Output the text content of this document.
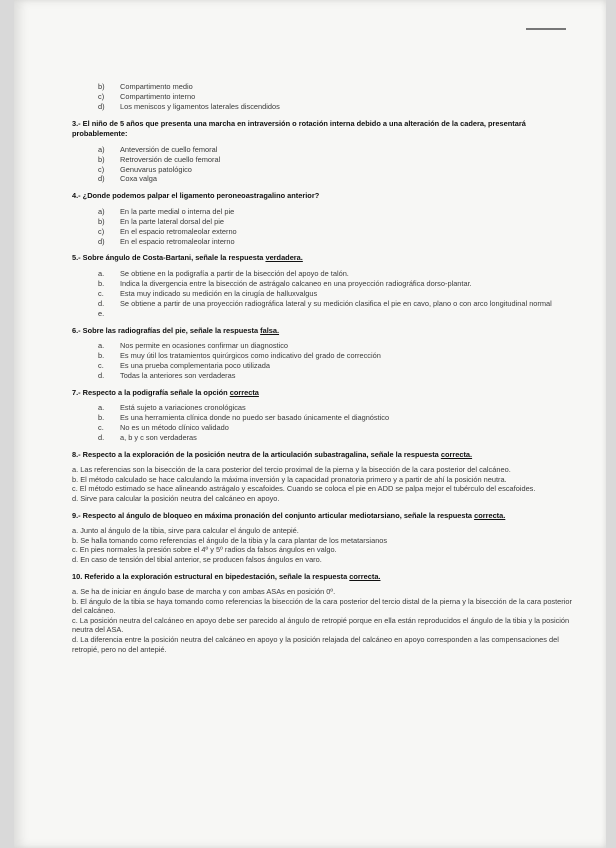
b)	Compartimento medio
c)	Compartimento interno
d)	Los meniscos y ligamentos laterales discendidos
3.- El niño de 5 años que presenta una marcha en intraversión o rotación interna debido a una alteración de la cadera, presentará probablemente:
a)	Anteversión de cuello femoral
b)	Retroversión de cuello femoral
c)	Genuvarus patológico
d)	Coxa valga
4.- ¿Donde podemos palpar el ligamento peroneoastragalino anterior?
a)	En la parte medial o interna del pie
b)	En la parte lateral dorsal del pie
c)	En el espacio retromaleolar externo
d)	En el espacio retromaleolar interno
5.- Sobre ángulo de Costa-Bartani, señale la respuesta verdadera.
a.	Se obtiene en la podigrafía a partir de la bisección del apoyo de talón.
b.	Indica la divergencia entre la bisección de astrágalo calcaneo en una proyección radiográfica dorso-plantar.
c.	Esta muy indicado su medición en la cirugía de halluxvalgus
d.	Se obtiene a partir de una proyección radiográfica lateral y su medición clasifica el pie en cavo, plano o con arco longitudinal normal
e.
6.- Sobre las radiografías del pie, señale la respuesta falsa.
a.	Nos permite en ocasiones confirmar un diagnostico
b.	Es muy útil los tratamientos quirúrgicos como indicativo del grado de corrección
c.	Es una prueba complementaria poco utilizada
d.	Todas la anteriores son verdaderas
7.- Respecto a la podigrafía señale la opción correcta
a.	Está sujeto a variaciones cronológicas
b.	Es una herramienta clínica donde no puedo ser basado únicamente el diagnóstico
c.	No es un método clínico validado
d.	a, b y c son verdaderas
8.- Respecto a la exploración de la posición neutra de la articulación subastragalina, señale la respuesta correcta.
a. Las referencias son la bisección de la cara posterior del tercio proximal de la pierna y la bisección de la cara posterior del calcáneo.
b. El método calculado se hace calculando la máxima inversión y la capacidad pronatoria primero y a partir de ahí la posición neutra.
c. El método estimado se hace alineando astrágalo y escafoides. Cuando se coloca el pie en ADD se palpa mejor el tubérculo del escafoides.
d. Sirve para calcular la posición neutra del calcáneo en apoyo.
9.- Respecto al ángulo de bloqueo en máxima pronación del conjunto articular mediotarsiano, señale la respuesta correcta.
a. Junto al ángulo de la tibia, sirve para calcular el ángulo de antepié.
b. Se halla tomando como referencias el ángulo de la tibia y la cara plantar de los metatarsianos
c. En pies normales la presión sobre el 4º y 5º radios da falsos ángulos en valgo.
d. En caso de tensión del tibial anterior, se producen falsos ángulos en varo.
10. Referido a la exploración estructural en bipedestación, señale la respuesta correcta.
a. Se ha de iniciar en ángulo base de marcha y con ambas ASAs en posición 0º.
b. El ángulo de la tibia se haya tomando como referencias la bisección de la cara posterior del tercio distal de la pierna y la bisección de la cara posterior del calcáneo.
c. La posición neutra del calcáneo en apoyo debe ser parecido al ángulo de retropié porque en ella están reproducidos el ángulo de la tibia y la posición neutra del ASA.
d. La diferencia entre la posición neutra del calcáneo en apoyo y la posición relajada del calcáneo en apoyo corresponden a las compensaciones del retropié, pero no del antepié.
